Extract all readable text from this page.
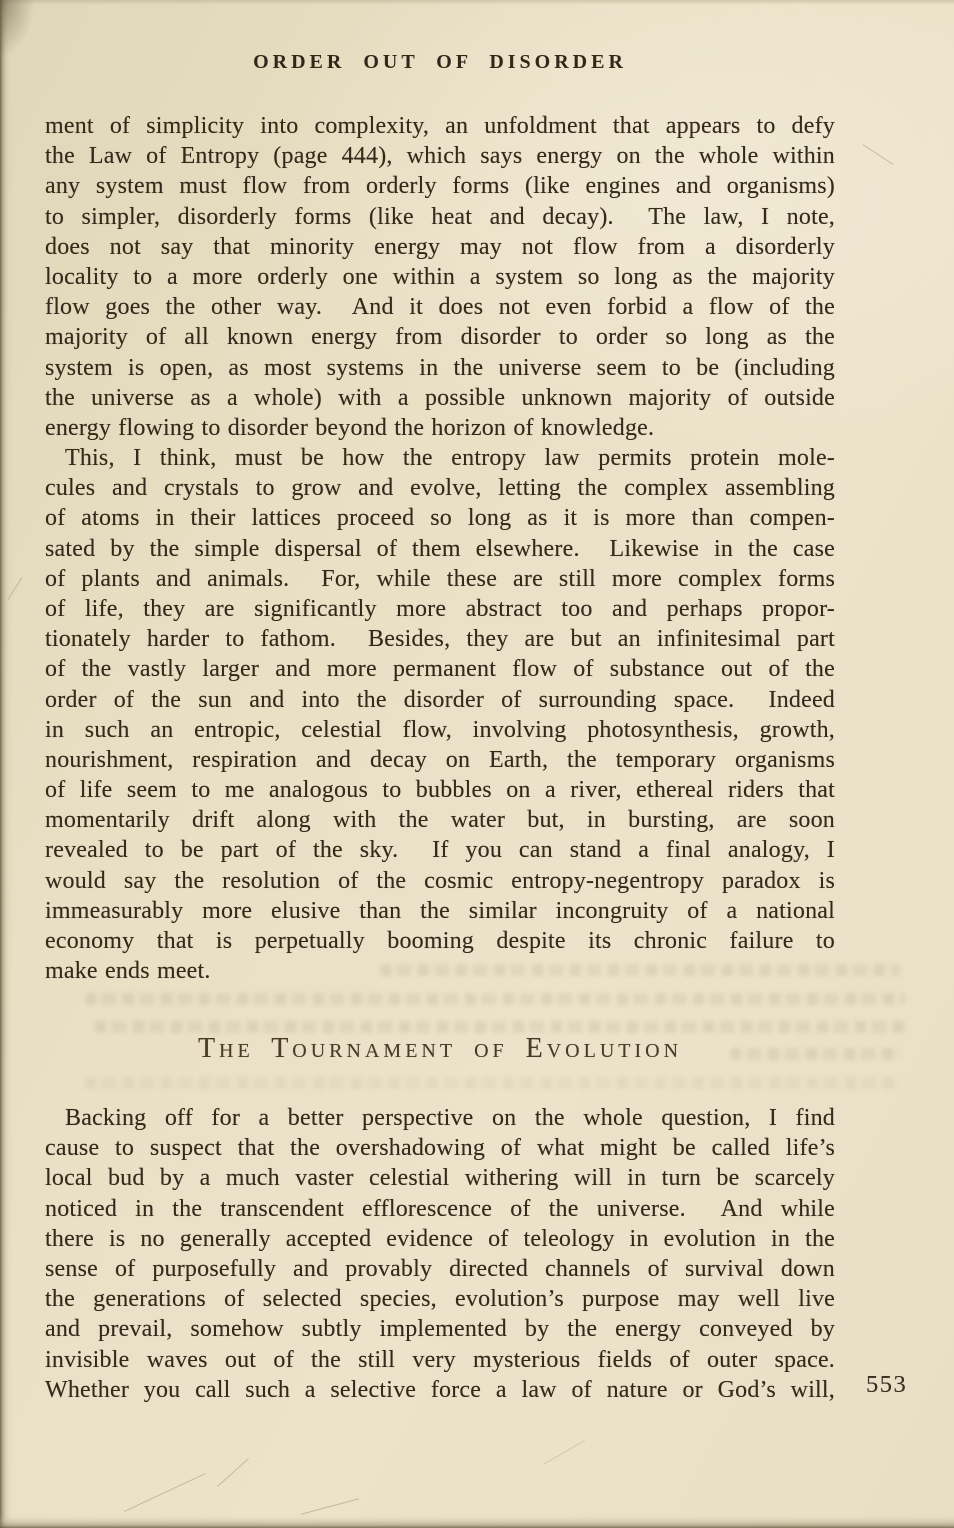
ORDER OUT OF DISORDER
ment of simplicity into complexity, an unfoldment that appears to defy
the Law of Entropy (page 444), which says energy on the whole within
any system must flow from orderly forms (like engines and organisms)
to simpler, disorderly forms (like heat and decay).  The law, I note,
does not say that minority energy may not flow from a disorderly
locality to a more orderly one within a system so long as the majority
flow goes the other way.  And it does not even forbid a flow of the
majority of all known energy from disorder to order so long as the
system is open, as most systems in the universe seem to be (including
the universe as a whole) with a possible unknown majority of outside
energy flowing to disorder beyond the horizon of knowledge.
This, I think, must be how the entropy law permits protein mole-
cules and crystals to grow and evolve, letting the complex assembling
of atoms in their lattices proceed so long as it is more than compen-
sated by the simple dispersal of them elsewhere.  Likewise in the case
of plants and animals.  For, while these are still more complex forms
of life, they are significantly more abstract too and perhaps propor-
tionately harder to fathom.  Besides, they are but an infinitesimal part
of the vastly larger and more permanent flow of substance out of the
order of the sun and into the disorder of surrounding space.  Indeed
in such an entropic, celestial flow, involving photosynthesis, growth,
nourishment, respiration and decay on Earth, the temporary organisms
of life seem to me analogous to bubbles on a river, ethereal riders that
momentarily drift along with the water but, in bursting, are soon
revealed to be part of the sky.  If you can stand a final analogy, I
would say the resolution of the cosmic entropy-negentropy paradox is
immeasurably more elusive than the similar incongruity of a national
economy that is perpetually booming despite its chronic failure to
make ends meet.
The Tournament of Evolution
Backing off for a better perspective on the whole question, I find
cause to suspect that the overshadowing of what might be called life’s
local bud by a much vaster celestial withering will in turn be scarcely
noticed in the transcendent efflorescence of the universe.  And while
there is no generally accepted evidence of teleology in evolution in the
sense of purposefully and provably directed channels of survival down
the generations of selected species, evolution’s purpose may well live
and prevail, somehow subtly implemented by the energy conveyed by
invisible waves out of the still very mysterious fields of outer space.
Whether you call such a selective force a law of nature or God’s will, 553
